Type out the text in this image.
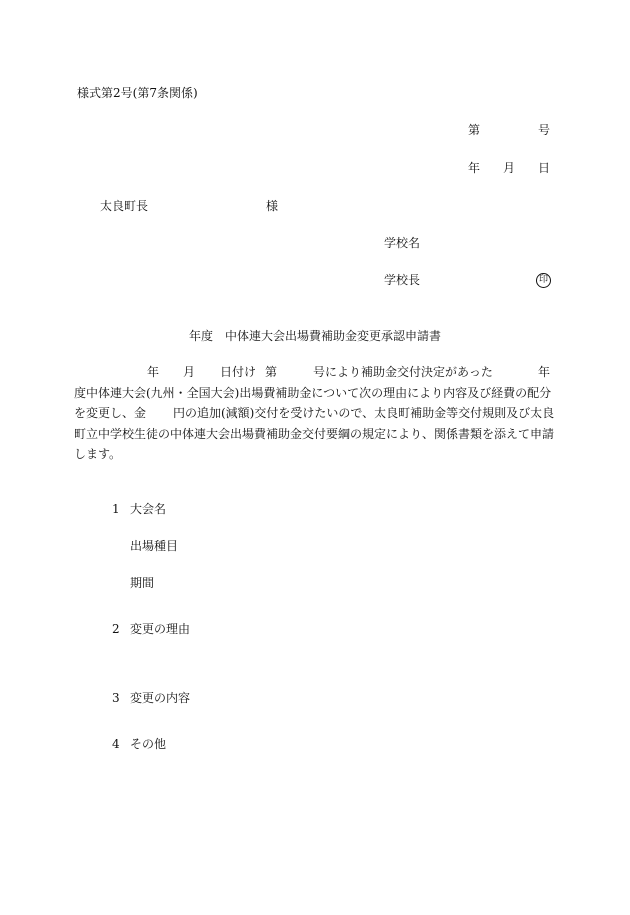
様式第2号(第7条関係)
第	号
年 月 日
太良町長	様
学校名
学校長	印
年度　中体連大会出場費補助金変更承認申請書
年 月 日付け 第	号により補助金交付決定があった	年
度中体連大会(九州・全国大会)出場費補助金について次の理由により内容及び経費の配分
を変更し、金 円の追加(減額)交付を受けたいので、太良町補助金等交付規則及び太良
町立中学校生徒の中体連大会出場費補助金交付要綱の規定により、関係書類を添えて申請
します。
1 大会名
出場種目
期間
2 変更の理由
3 変更の内容
4 その他
